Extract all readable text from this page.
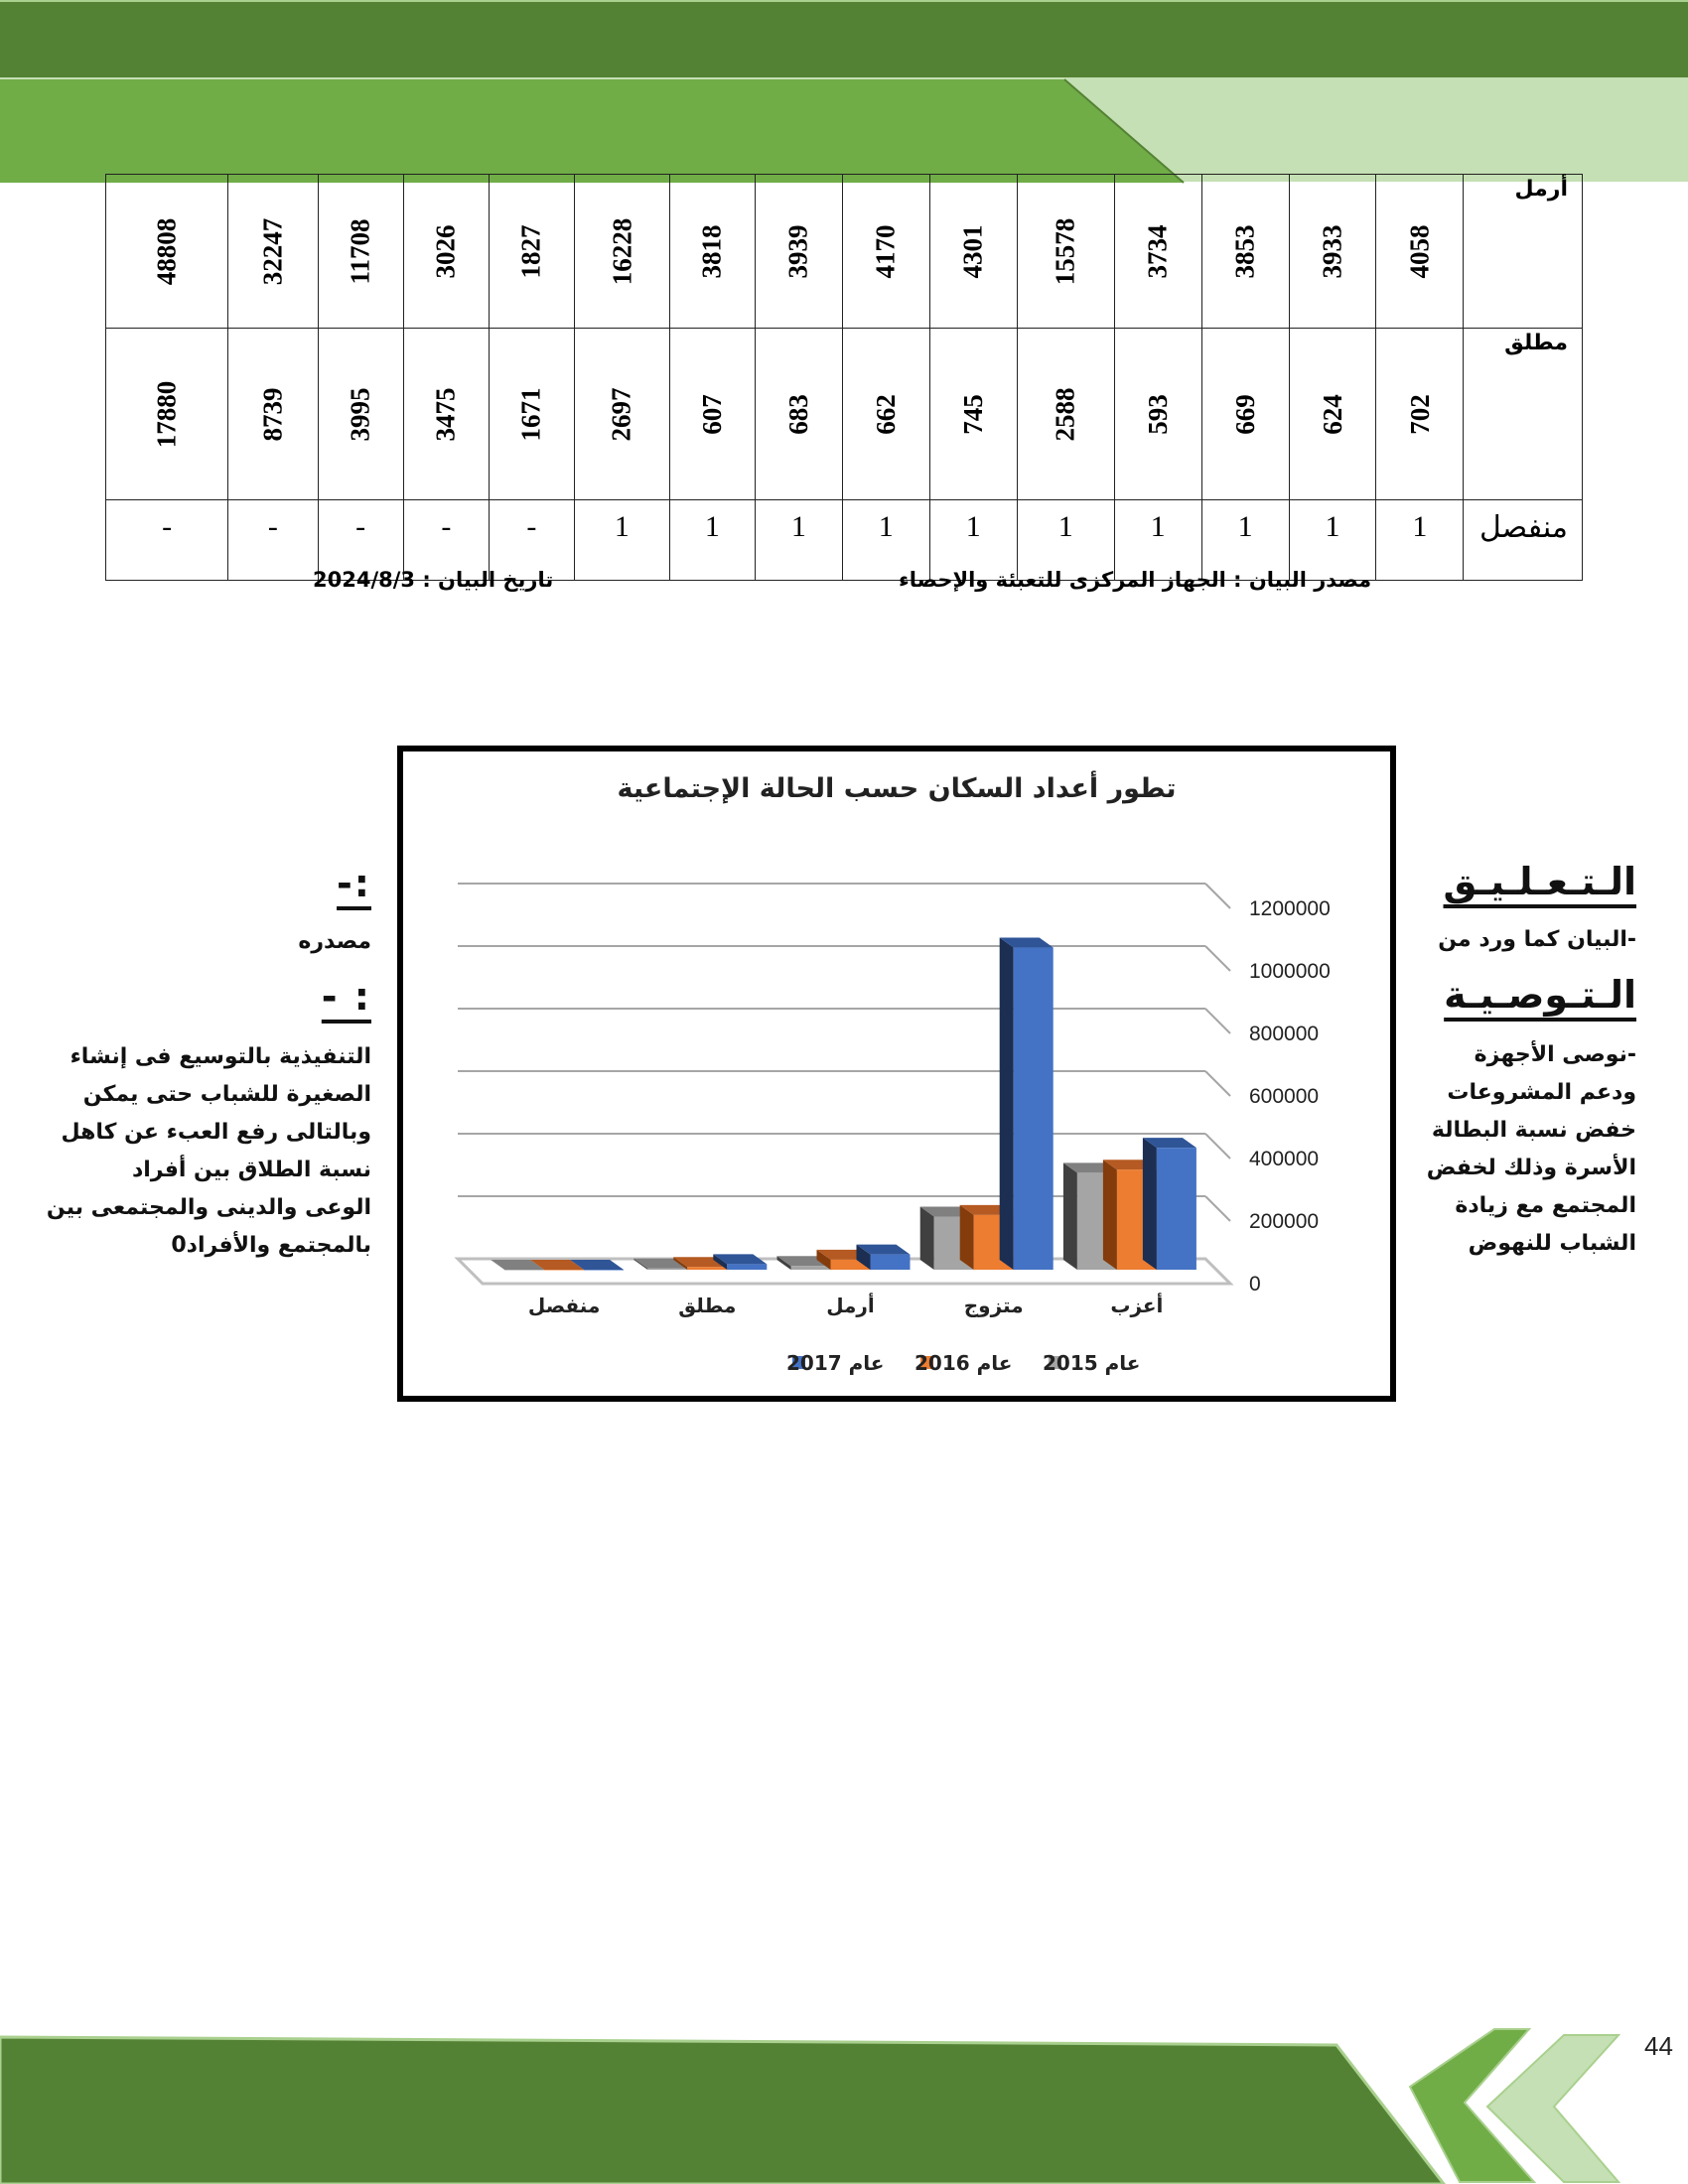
48808	32247	11708	3026	1827	16228	3818	3939	4170	4301	15578	3734	3853	3933	4058	أرمل
17880	8739	3995	3475	1671	2697	607	683	662	745	2588	593	669	624	702	مطلق
-	-	-	-	-	1	1	1	1	1	1	1	1	1	1	منفصل
تاريخ البيان : 2024/8/3	مصدر البيان : الجهاز المركزى للتعبئة والإحصاء
تطور أعداد السكان حسب الحالة الإجتماعية
0
200000
400000
600000
800000
1000000
1200000
أعزب
متزوج
أرمل
مطلق
منفصل
عام 2015
عام 2016
عام 2017
الـتـعـلـيـق
-البيان كما ورد من
الـتـوصـيـة
-نوصى الأجهزة
ودعم المشروعات
خفض نسبة البطالة
الأسرة وذلك لخفض
المجتمع مع زيادة
الشباب للنهوض
:-
مصدره
: -
التنفيذية بالتوسيع فى إنشاء
الصغيرة للشباب حتى يمكن
وبالتالى رفع العبء عن كاهل
نسبة الطلاق بين أفراد
الوعى والدينى والمجتمعى بين
بالمجتمع والأفراد0
44
